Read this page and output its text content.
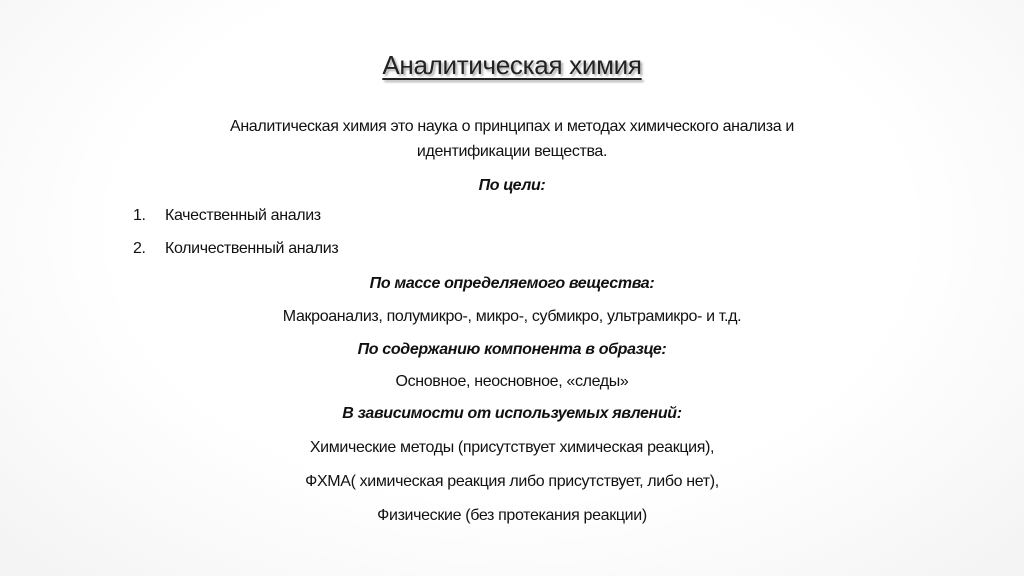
Аналитическая химия
Аналитическая химия это наука о принципах и методах химического анализа и
идентификации вещества.
По цели:
1. Качественный анализ
2. Количественный анализ
По массе определяемого вещества:
Макроанализ, полумикро-, микро-, субмикро, ультрамикро- и т.д.
По содержанию компонента в образце:
Основное, неосновное, «следы»
В зависимости от используемых явлений:
Химические методы (присутствует химическая реакция),
ФХМА( химическая реакция либо присутствует, либо нет),
Физические (без протекания реакции)
